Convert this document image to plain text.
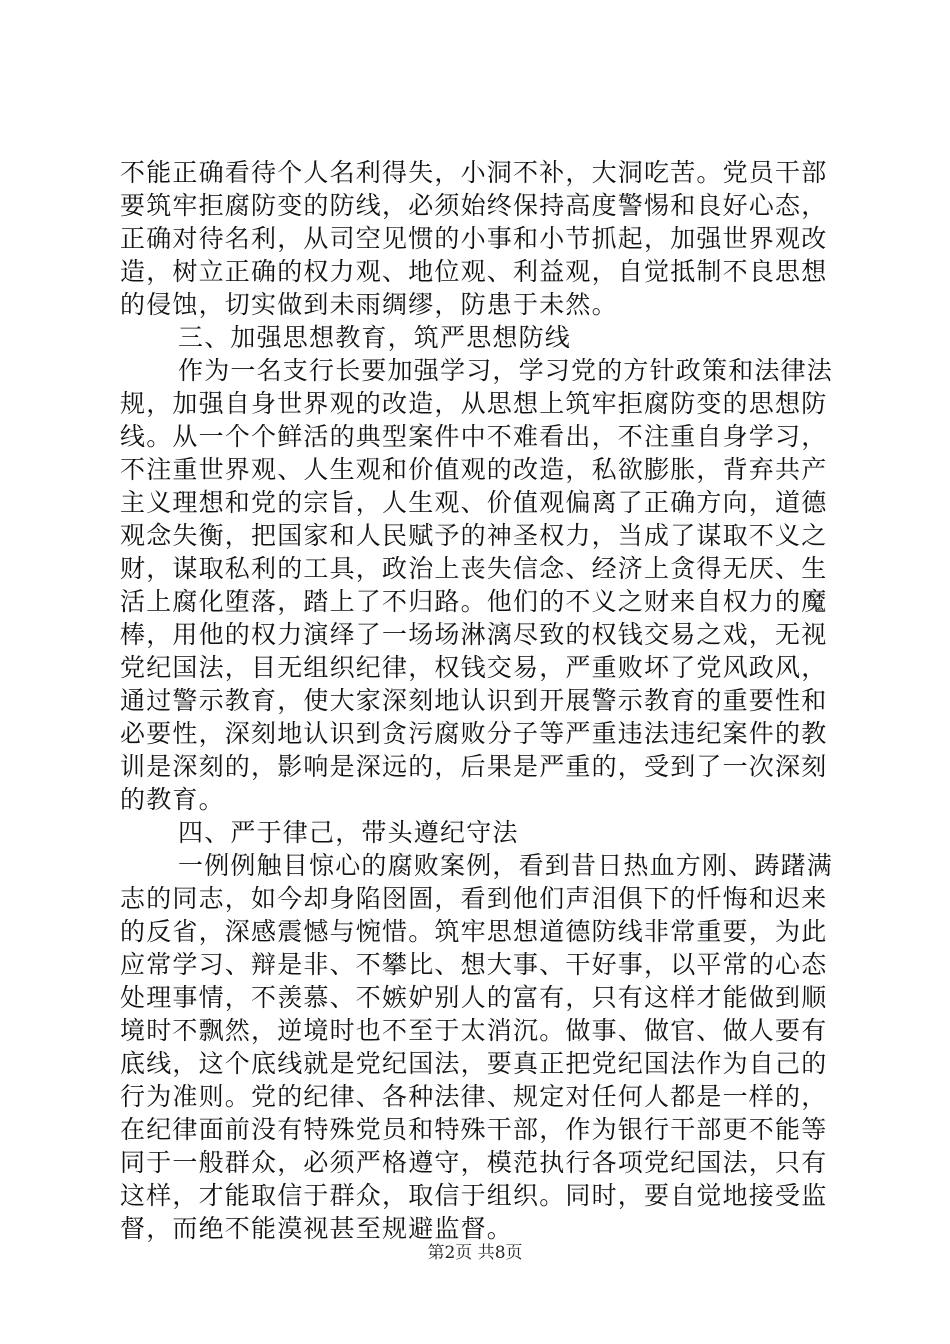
不能正确看待个人名利得失，小洞不补，大洞吃苦。党员干部
要筑牢拒腐防变的防线，必须始终保持高度警惕和良好心态，
正确对待名利，从司空见惯的小事和小节抓起，加强世界观改
造，树立正确的权力观、地位观、利益观，自觉抵制不良思想
的侵蚀，切实做到未雨绸缪，防患于未然。
三、加强思想教育，筑严思想防线
作为一名支行长要加强学习，学习党的方针政策和法律法
规，加强自身世界观的改造，从思想上筑牢拒腐防变的思想防
线。从一个个鲜活的典型案件中不难看出，不注重自身学习，
不注重世界观、人生观和价值观的改造，私欲膨胀，背弃共产
主义理想和党的宗旨，人生观、价值观偏离了正确方向，道德
观念失衡，把国家和人民赋予的神圣权力，当成了谋取不义之
财，谋取私利的工具，政治上丧失信念、经济上贪得无厌、生
活上腐化堕落，踏上了不归路。他们的不义之财来自权力的魔
棒，用他的权力演绎了一场场淋漓尽致的权钱交易之戏，无视
党纪国法，目无组织纪律，权钱交易，严重败坏了党风政风，
通过警示教育，使大家深刻地认识到开展警示教育的重要性和
必要性，深刻地认识到贪污腐败分子等严重违法违纪案件的教
训是深刻的，影响是深远的，后果是严重的，受到了一次深刻
的教育。
四、严于律己，带头遵纪守法
一例例触目惊心的腐败案例，看到昔日热血方刚、踌躇满
志的同志，如今却身陷囹圄，看到他们声泪俱下的忏悔和迟来
的反省，深感震憾与惋惜。筑牢思想道德防线非常重要，为此
应常学习、辩是非、不攀比、想大事、干好事，以平常的心态
处理事情，不羡慕、不嫉妒别人的富有，只有这样才能做到顺
境时不飘然，逆境时也不至于太消沉。做事、做官、做人要有
底线，这个底线就是党纪国法，要真正把党纪国法作为自己的
行为准则。党的纪律、各种法律、规定对任何人都是一样的，
在纪律面前没有特殊党员和特殊干部，作为银行干部更不能等
同于一般群众，必须严格遵守，模范执行各项党纪国法，只有
这样，才能取信于群众，取信于组织。同时，要自觉地接受监
督，而绝不能漠视甚至规避监督。
第2页 共8页
